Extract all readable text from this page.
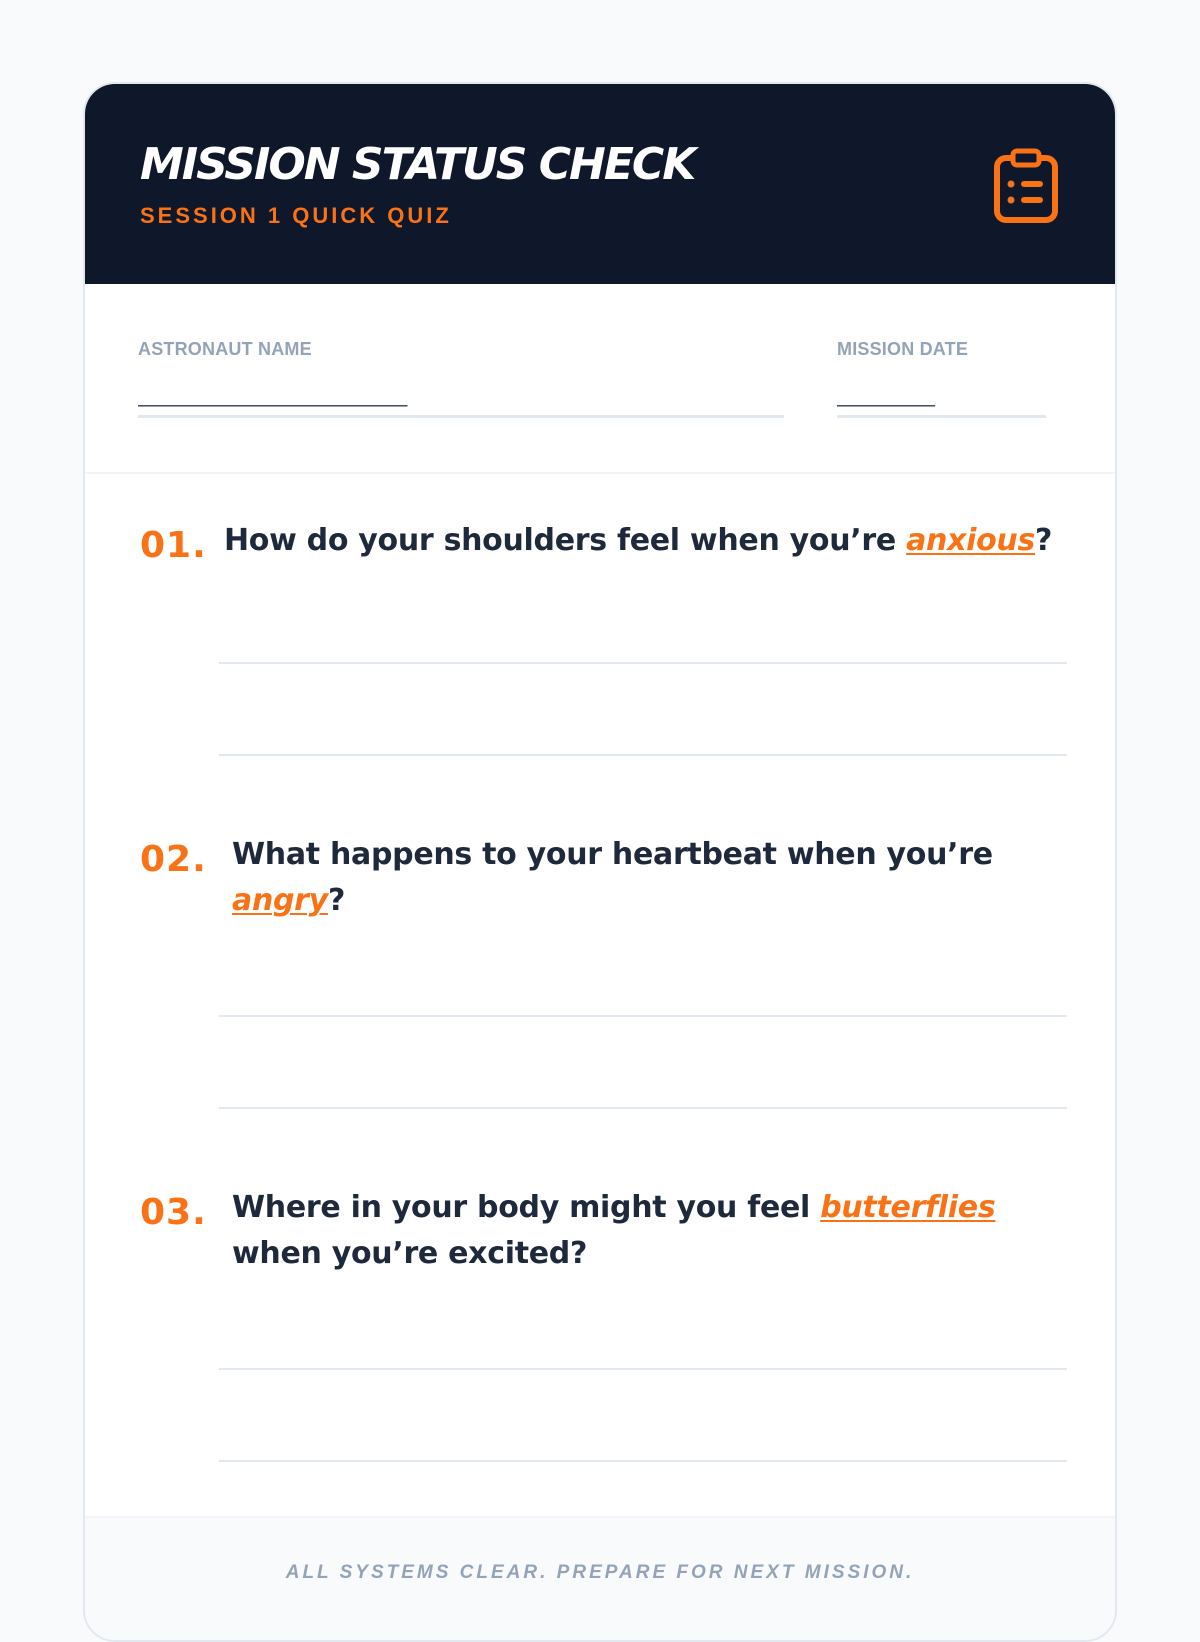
MISSION STATUS CHECK
SESSION 1 QUICK QUIZ
ASTRONAUT NAME
______________________
MISSION DATE
________
01. How do your shoulders feel when you’re anxious?
02. What happens to your heartbeat when you’re angry?
03. Where in your body might you feel butterflies when you’re excited?
ALL SYSTEMS CLEAR. PREPARE FOR NEXT MISSION.
